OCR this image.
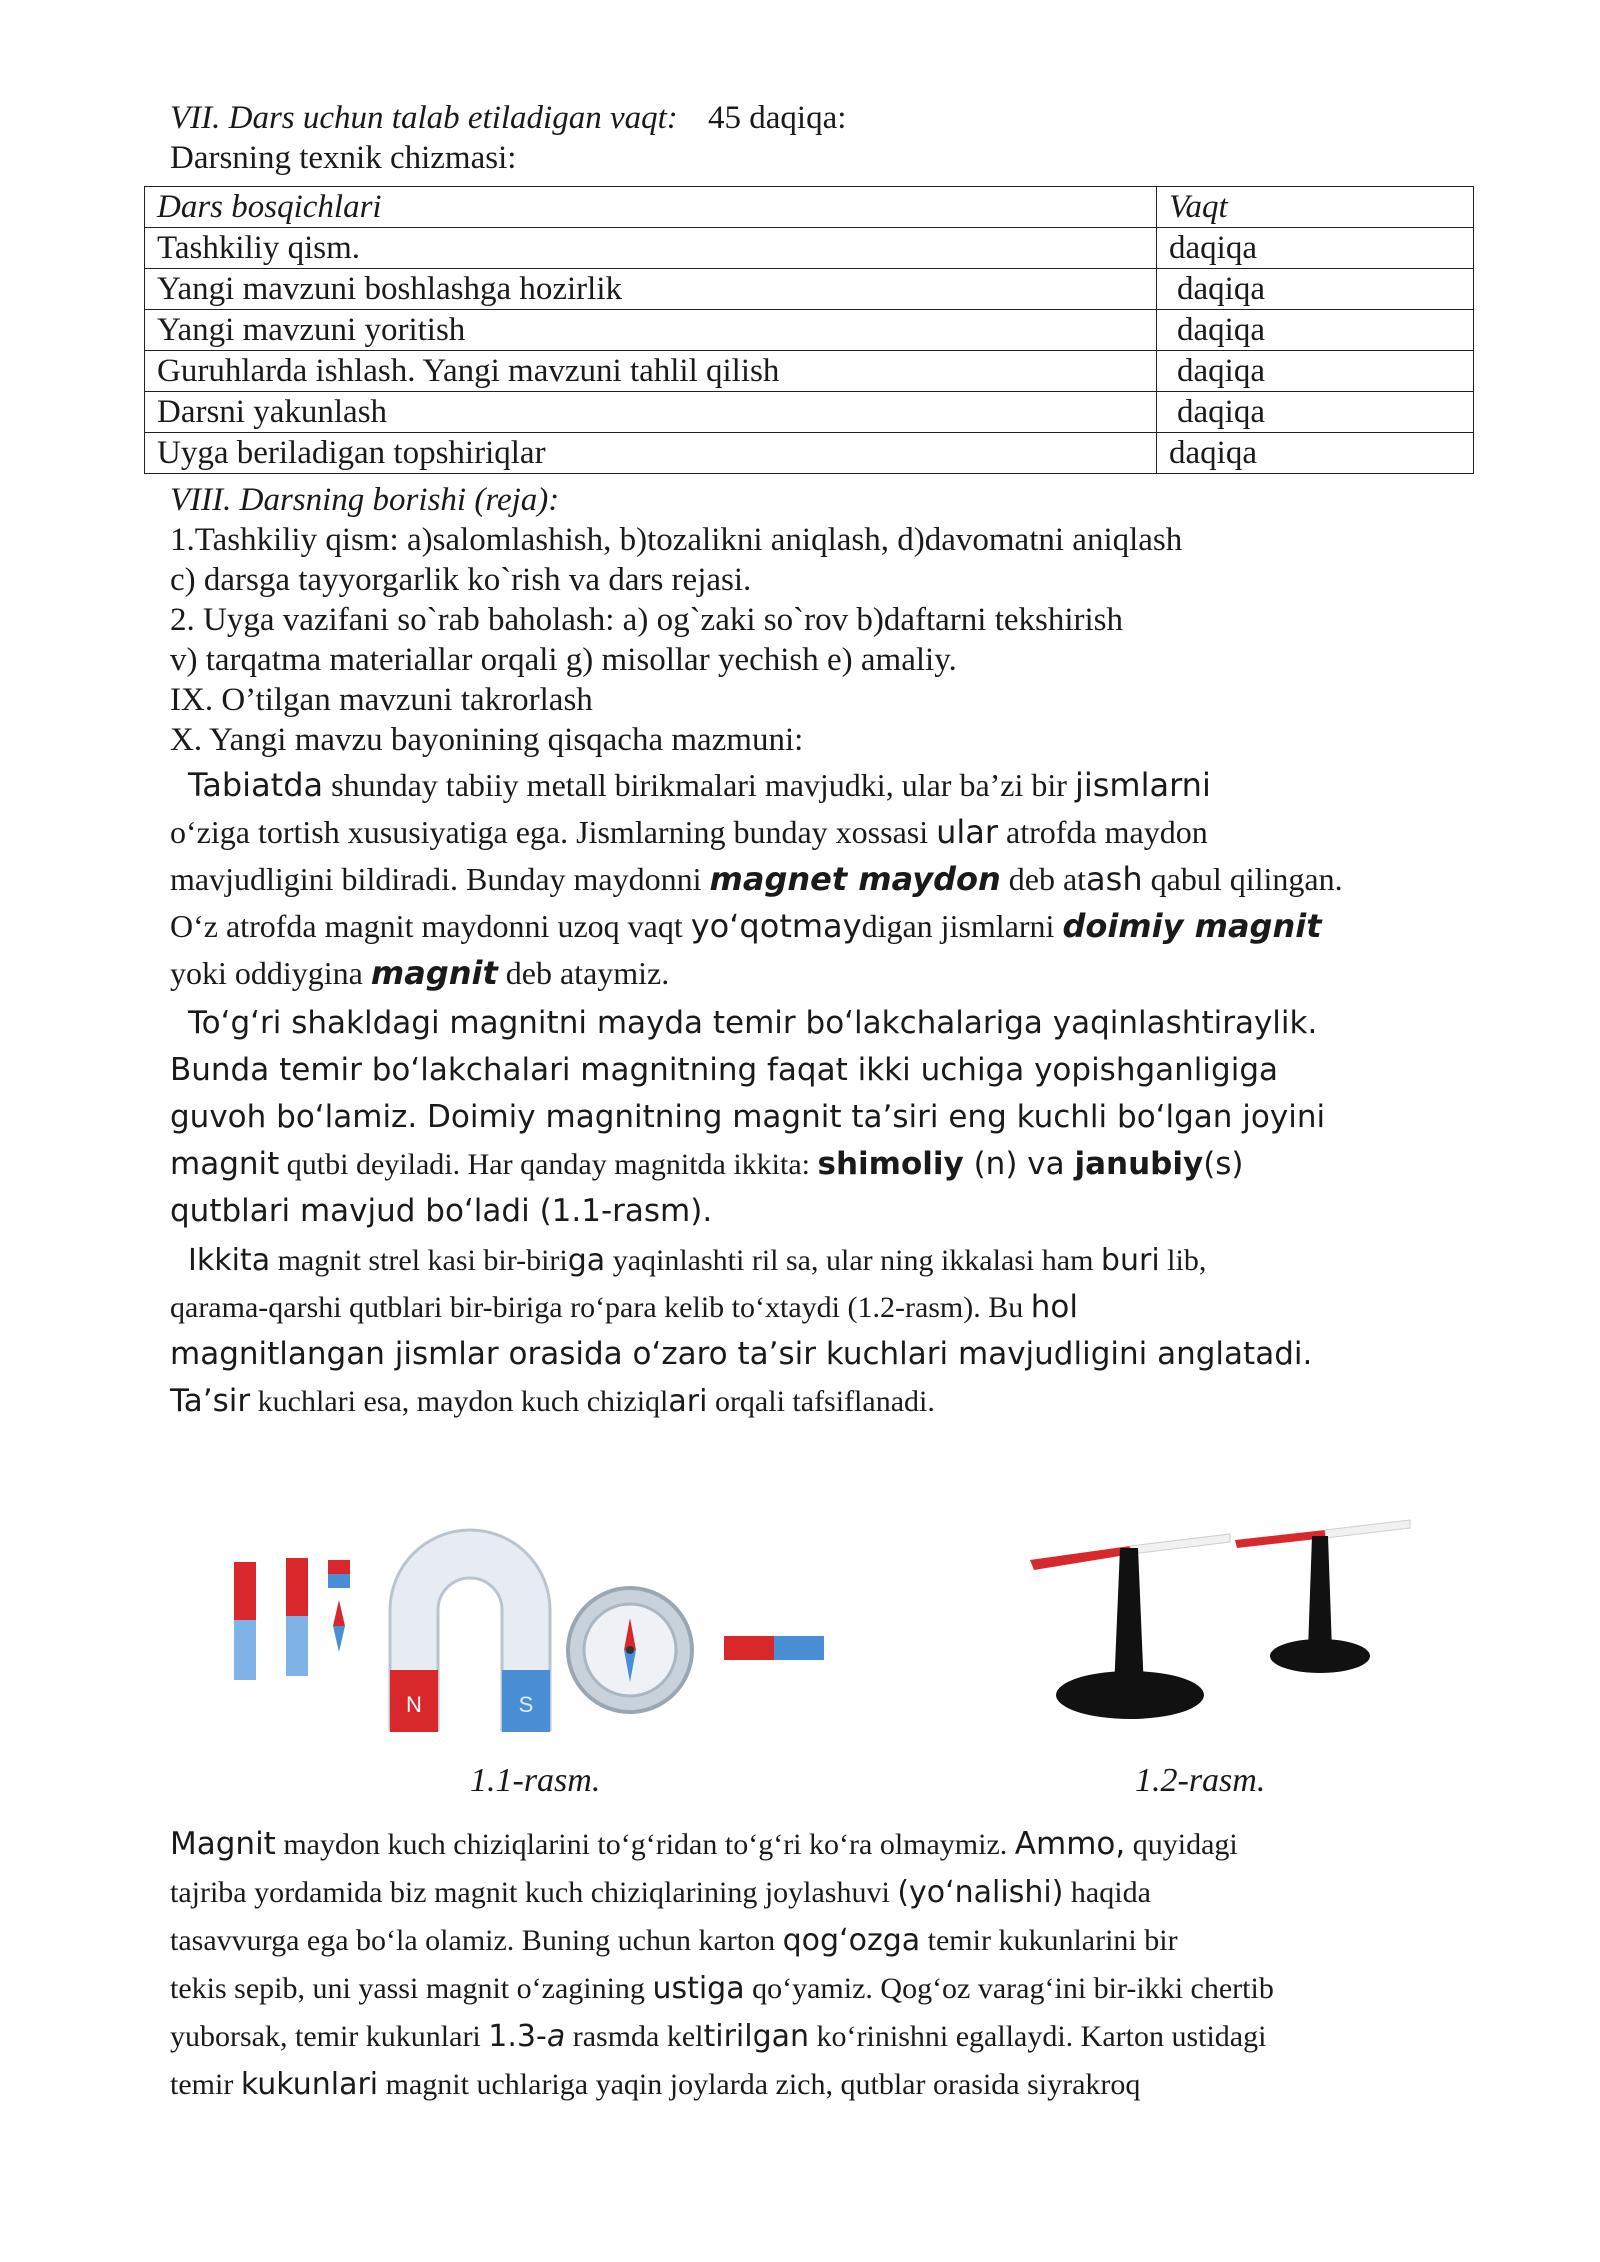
VII. Dars uchun talab etiladigan vaqt: 45 daqiqa:
Darsning texnik chizmasi:
Dars bosqichlari	Vaqt
Tashkiliy qism.	daqiqa
Yangi mavzuni boshlashga hozirlik	daqiqa
Yangi mavzuni yoritish	daqiqa
Guruhlarda ishlash. Yangi mavzuni tahlil qilish	daqiqa
Darsni yakunlash	daqiqa
Uyga beriladigan topshiriqlar	daqiqa
VIII. Darsning borishi (reja):
1.Tashkiliy qism: a)salomlashish, b)tozalikni aniqlash, d)davomatni aniqlash
c) darsga tayyorgarlik ko`rish va dars rejasi.
2. Uyga vazifani so`rab baholash: a) og`zaki so`rov b)daftarni tekshirish
v) tarqatma materiallar orqali g) misollar yechish e) amaliy.
IX. O’tilgan mavzuni takrorlash
X. Yangi mavzu bayonining qisqacha mazmuni:
Tabiatda shunday tabiiy metall birikmalari mavjudki, ular ba’zi bir jismlarni
o‘ziga tortish xususiyatiga ega. Jismlarning bunday xossasi ular atrofda maydon
mavjudligini bildiradi. Bunday maydonni magnet maydon deb atash qabul qilingan.
O‘z atrofda magnit maydonni uzoq vaqt yo‘qotmaydigan jismlarni doimiy magnit
yoki oddiygina magnit deb ataymiz.
To‘g‘ri shakldagi magnitni mayda temir bo‘lakchalariga yaqinlashtiraylik.
Bunda temir bo‘lakchalari magnitning faqat ikki uchiga yopishganligiga
guvoh bo‘lamiz. Doimiy magnitning magnit ta’siri eng kuchli bo‘lgan joyini
magnit qutbi deyiladi. Har qanday magnitda ikkita: shimoliy (n) va janubiy(s)
qutblari mavjud bo‘ladi (1.1-rasm).
Ikkita magnit strel kasi bir-biriga yaqinlashti ril sa, ular ning ikkalasi ham buri lib,
qarama-qarshi qutblari bir-biriga ro‘para kelib to‘xtaydi (1.2-rasm). Bu hol
magnitlangan jismlar orasida o‘zaro ta’sir kuchlari mavjudligini anglatadi.
Ta’sir kuchlari esa, maydon kuch chiziqlari orqali tafsiflanadi.
N	S
1.1-rasm.	1.2-rasm.
Magnit maydon kuch chiziqlarini to‘g‘ridan to‘g‘ri ko‘ra olmaymiz. Ammo, quyidagi
tajriba yordamida biz magnit kuch chiziqlarining joylashuvi (yo‘nalishi) haqida
tasavvurga ega bo‘la olamiz. Buning uchun karton qog‘ozga temir kukunlarini bir
tekis sepib, uni yassi magnit o‘zagining ustiga qo‘yamiz. Qog‘oz varag‘ini bir-ikki chertib
yuborsak, temir kukunlari 1.3-a rasmda keltirilgan ko‘rinishni egallaydi. Karton ustidagi
temir kukunlari magnit uchlariga yaqin joylarda zich, qutblar orasida siyrakroq
